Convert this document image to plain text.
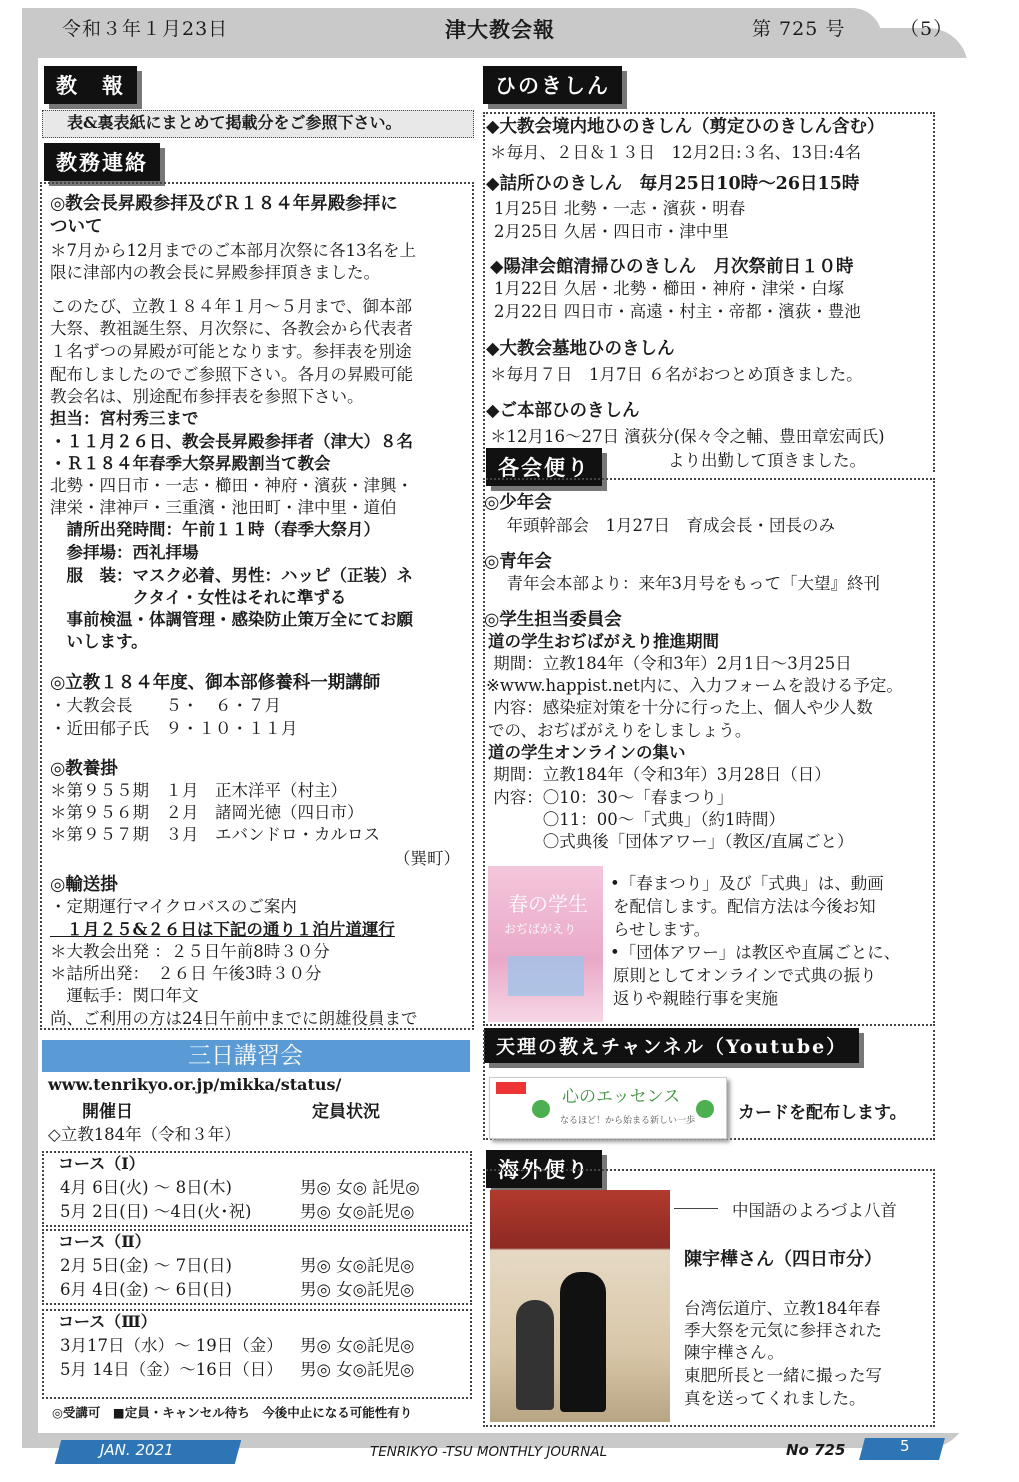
令和３年１月23日	津大教会報	第 725 号	（5）
教　報
表&裏表紙にまとめて掲載分をご参照下さい。
教務連絡
◎教会長昇殿参拝及びＲ１８４年昇殿参拝に
ついて
＊7月から12月までのご本部月次祭に各13名を上
限に津部内の教会長に昇殿参拝頂きました。
このたび、立教１８４年１月～５月まで、御本部
大祭、教祖誕生祭、月次祭に、各教会から代表者
１名ずつの昇殿が可能となります。参拝表を別途
配布しましたのでご参照下さい。各月の昇殿可能
教会名は、別途配布参拝表を参照下さい。
担当：宮村秀三まで
・１１月２６日、教会長昇殿参拝者（津大）８名
・Ｒ１８４年春季大祭昇殿割当て教会
北勢・四日市・一志・櫛田・神府・濱荻・津興・
津栄・津神戸・三重濱・池田町・津中里・道伯
　請所出発時間：午前１１時（春季大祭月）
　参拝場：西礼拝場
　服　装：マスク必着、男性：ハッピ（正装）ネ
　　　　　クタイ・女性はそれに準ずる
　事前検温・体調管理・感染防止策万全にてお願
　いします。
◎立教１８４年度、御本部修養科一期講師
・大教会長　　５・　６・７月
・近田郁子氏　９・１０・１１月
◎教養掛
＊第９５５期　１月　正木洋平（村主）
＊第９５６期　２月　諸岡光徳（四日市）
＊第９５７期　３月　エバンドロ・カルロス
（巽町）
◎輸送掛
・定期運行マイクロバスのご案内
　１月２５&２６日は下記の通り１泊片道運行
＊大教会出発 ：２５日午前8時３０分
＊詰所出発：　２６日 午後3時３０分
　運転手：関口年文
尚、ご利用の方は24日午前中までに朗雄役員まで
三日講習会
www.tenrikyo.or.jp/mikka/status/
開催日	定員状況
◇立教184年（令和３年）
コース（Ⅰ）
4月 6日(火) ～ 8日(木)	男◎ 女◎ 託児◎
5月 2日(日) ～4日(火･祝)	男◎ 女◎託児◎
コース（Ⅱ）
2月 5日(金) ～ 7日(日)	男◎ 女◎託児◎
6月 4日(金) ～ 6日(日)	男◎ 女◎託児◎
コース（Ⅲ）
3月17日（水）～ 19日（金） 男◎ 女◎託児◎
5月 14日（金）～16日（日） 男◎ 女◎託児◎
◎受講可　■定員・キャンセル待ち　今後中止になる可能性有り
ひのきしん
◆大教会境内地ひのきしん（剪定ひのきしん含む）
＊毎月、２日＆１３日　12月2日:３名、13日:4名
◆詰所ひのきしん　毎月25日10時～26日15時
1月25日 北勢・一志・濱荻・明春
2月25日 久居・四日市・津中里
◆陽津会館清掃ひのきしん　月次祭前日１０時
1月22日 久居・北勢・櫛田・神府・津栄・白塚
2月22日 四日市・高遠・村主・帝都・濱荻・豊池
◆大教会墓地ひのきしん
＊毎月７日　1月7日 ６名がおつとめ頂きました。
◆ご本部ひのきしん
＊12月16～27日 濱荻分(保々令之輔、豊田章宏両氏)
より出勤して頂きました。
各会便り
◎少年会
　年頭幹部会　1月27日　育成会長・団長のみ
◎青年会
　青年会本部より：来年3月号をもって「大望』終刊
◎学生担当委員会
道の学生おぢばがえり推進期間
期間：立教184年（令和3年）2月1日～3月25日
※www.happist.net内に、入力フォームを設ける予定。
内容：感染症対策を十分に行った上、個人や少人数
での、おぢばがえりをしましょう。
道の学生オンラインの集い
期間：立教184年（令和3年）3月28日（日）
内容：〇10：30～「春まつり」
　　　 〇11：00～「式典」（約1時間）
　　　 〇式典後「団体アワー」（教区/直属ごと）
春の学生
おぢばがえり
•「春まつり」及び「式典」は、動画
を配信します。配信方法は今後お知
らせします。
•「団体アワー」は教区や直属ごとに、
原則としてオンラインで式典の振り
返りや親睦行事を実施
天理の教えチャンネル（Youtube）
心のエッセンス
なるほど！から始まる新しい一歩	カードを配布します。
海外便り
中国語のよろづよ八首
陳宇樺さん（四日市分）
台湾伝道庁、立教184年春
季大祭を元気に参拝された
陳宇樺さん。
東肥所長と一緒に撮った写
真を送ってくれました。
JAN. 2021	TENRIKYO -TSU MONTHLY JOURNAL	No 725	5
